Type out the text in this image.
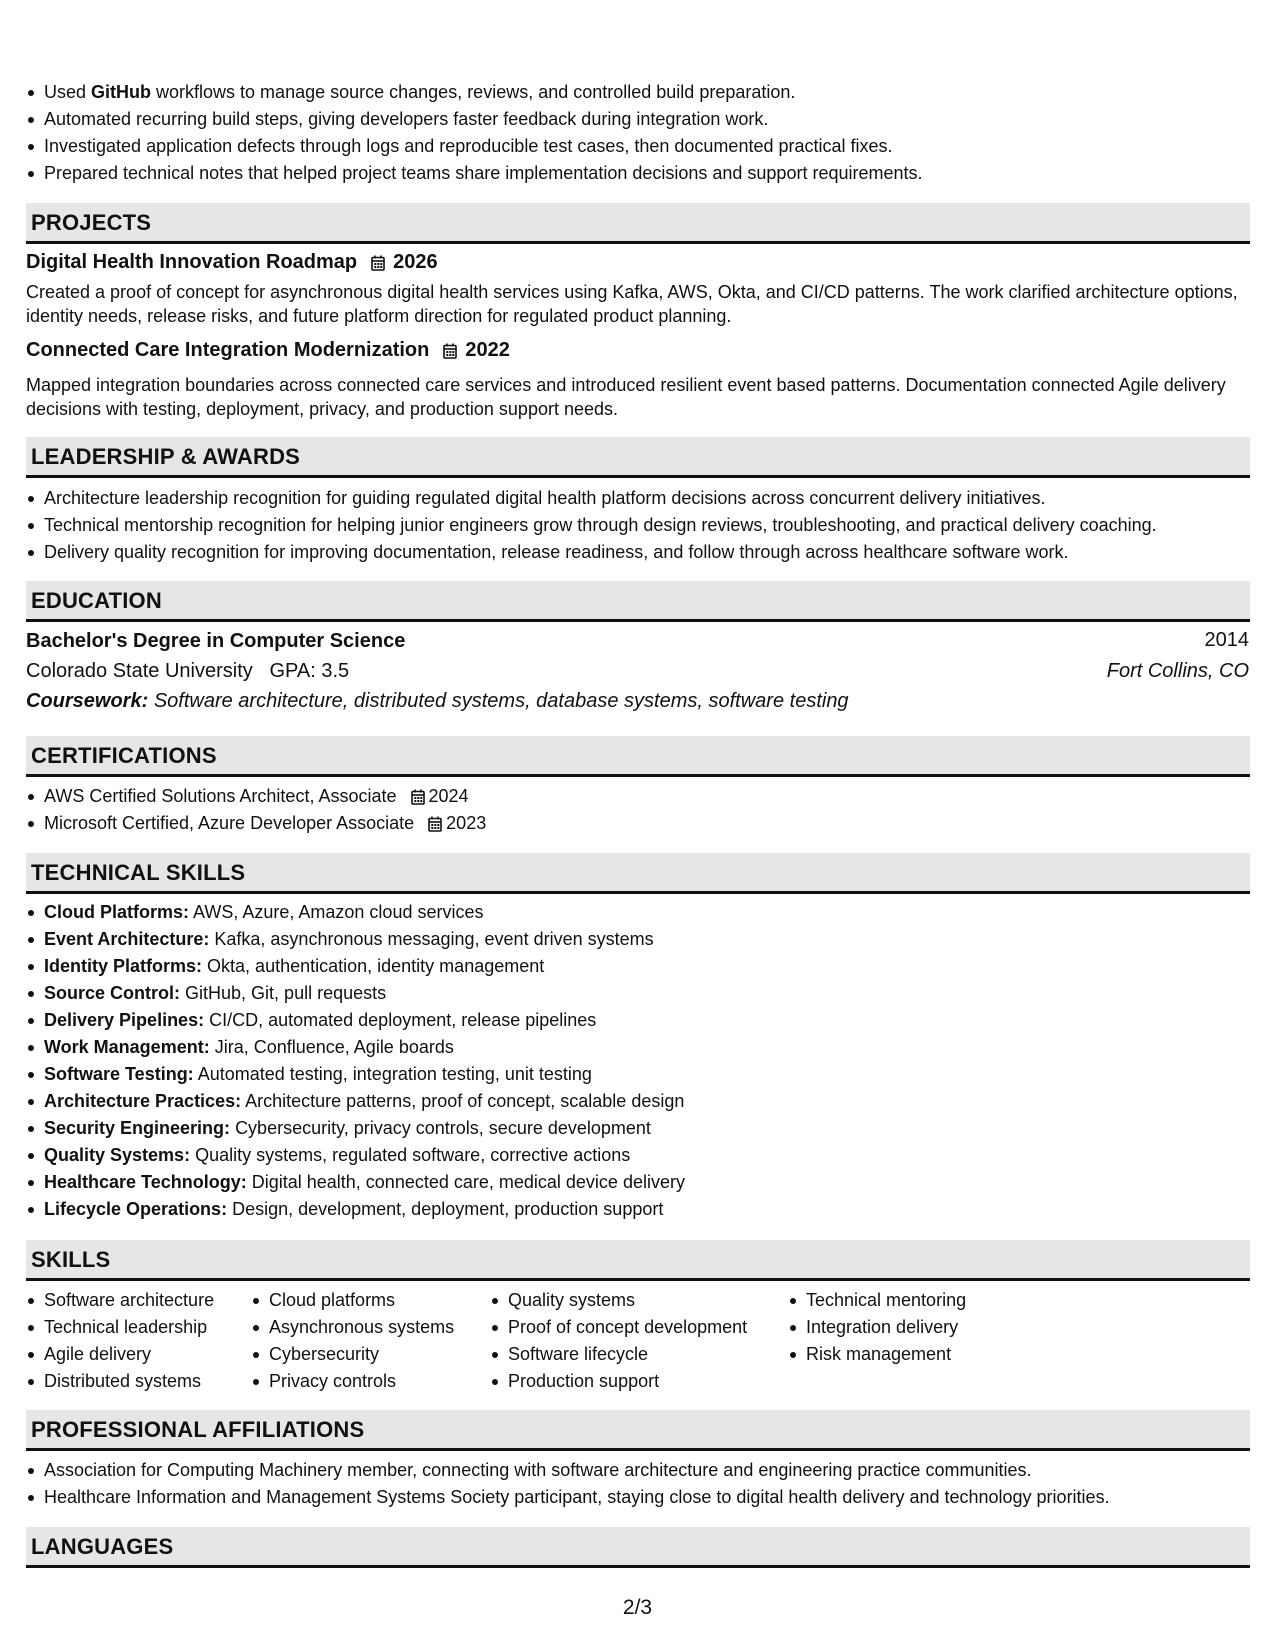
Used GitHub workflows to manage source changes, reviews, and controlled build preparation.
Automated recurring build steps, giving developers faster feedback during integration work.
Investigated application defects through logs and reproducible test cases, then documented practical fixes.
Prepared technical notes that helped project teams share implementation decisions and support requirements.
PROJECTS
Digital Health Innovation Roadmap 2026
Created a proof of concept for asynchronous digital health services using Kafka, AWS, Okta, and CI/CD patterns. The work clarified architecture options, identity needs, release risks, and future platform direction for regulated product planning.
Connected Care Integration Modernization 2022
Mapped integration boundaries across connected care services and introduced resilient event based patterns. Documentation connected Agile delivery decisions with testing, deployment, privacy, and production support needs.
LEADERSHIP & AWARDS
Architecture leadership recognition for guiding regulated digital health platform decisions across concurrent delivery initiatives.
Technical mentorship recognition for helping junior engineers grow through design reviews, troubleshooting, and practical delivery coaching.
Delivery quality recognition for improving documentation, release readiness, and follow through across healthcare software work.
EDUCATION
Bachelor's Degree in Computer Science	2014
Colorado State University GPA: 3.5	Fort Collins, CO
Coursework: Software architecture, distributed systems, database systems, software testing
CERTIFICATIONS
AWS Certified Solutions Architect, Associate 2024
Microsoft Certified, Azure Developer Associate 2023
TECHNICAL SKILLS
Cloud Platforms: AWS, Azure, Amazon cloud services
Event Architecture: Kafka, asynchronous messaging, event driven systems
Identity Platforms: Okta, authentication, identity management
Source Control: GitHub, Git, pull requests
Delivery Pipelines: CI/CD, automated deployment, release pipelines
Work Management: Jira, Confluence, Agile boards
Software Testing: Automated testing, integration testing, unit testing
Architecture Practices: Architecture patterns, proof of concept, scalable design
Security Engineering: Cybersecurity, privacy controls, secure development
Quality Systems: Quality systems, regulated software, corrective actions
Healthcare Technology: Digital health, connected care, medical device delivery
Lifecycle Operations: Design, development, deployment, production support
SKILLS
Software architecture
Technical leadership
Agile delivery
Distributed systems
Cloud platforms
Asynchronous systems
Cybersecurity
Privacy controls
Quality systems
Proof of concept development
Software lifecycle
Production support
Technical mentoring
Integration delivery
Risk management
PROFESSIONAL AFFILIATIONS
Association for Computing Machinery member, connecting with software architecture and engineering practice communities.
Healthcare Information and Management Systems Society participant, staying close to digital health delivery and technology priorities.
LANGUAGES
2/3
